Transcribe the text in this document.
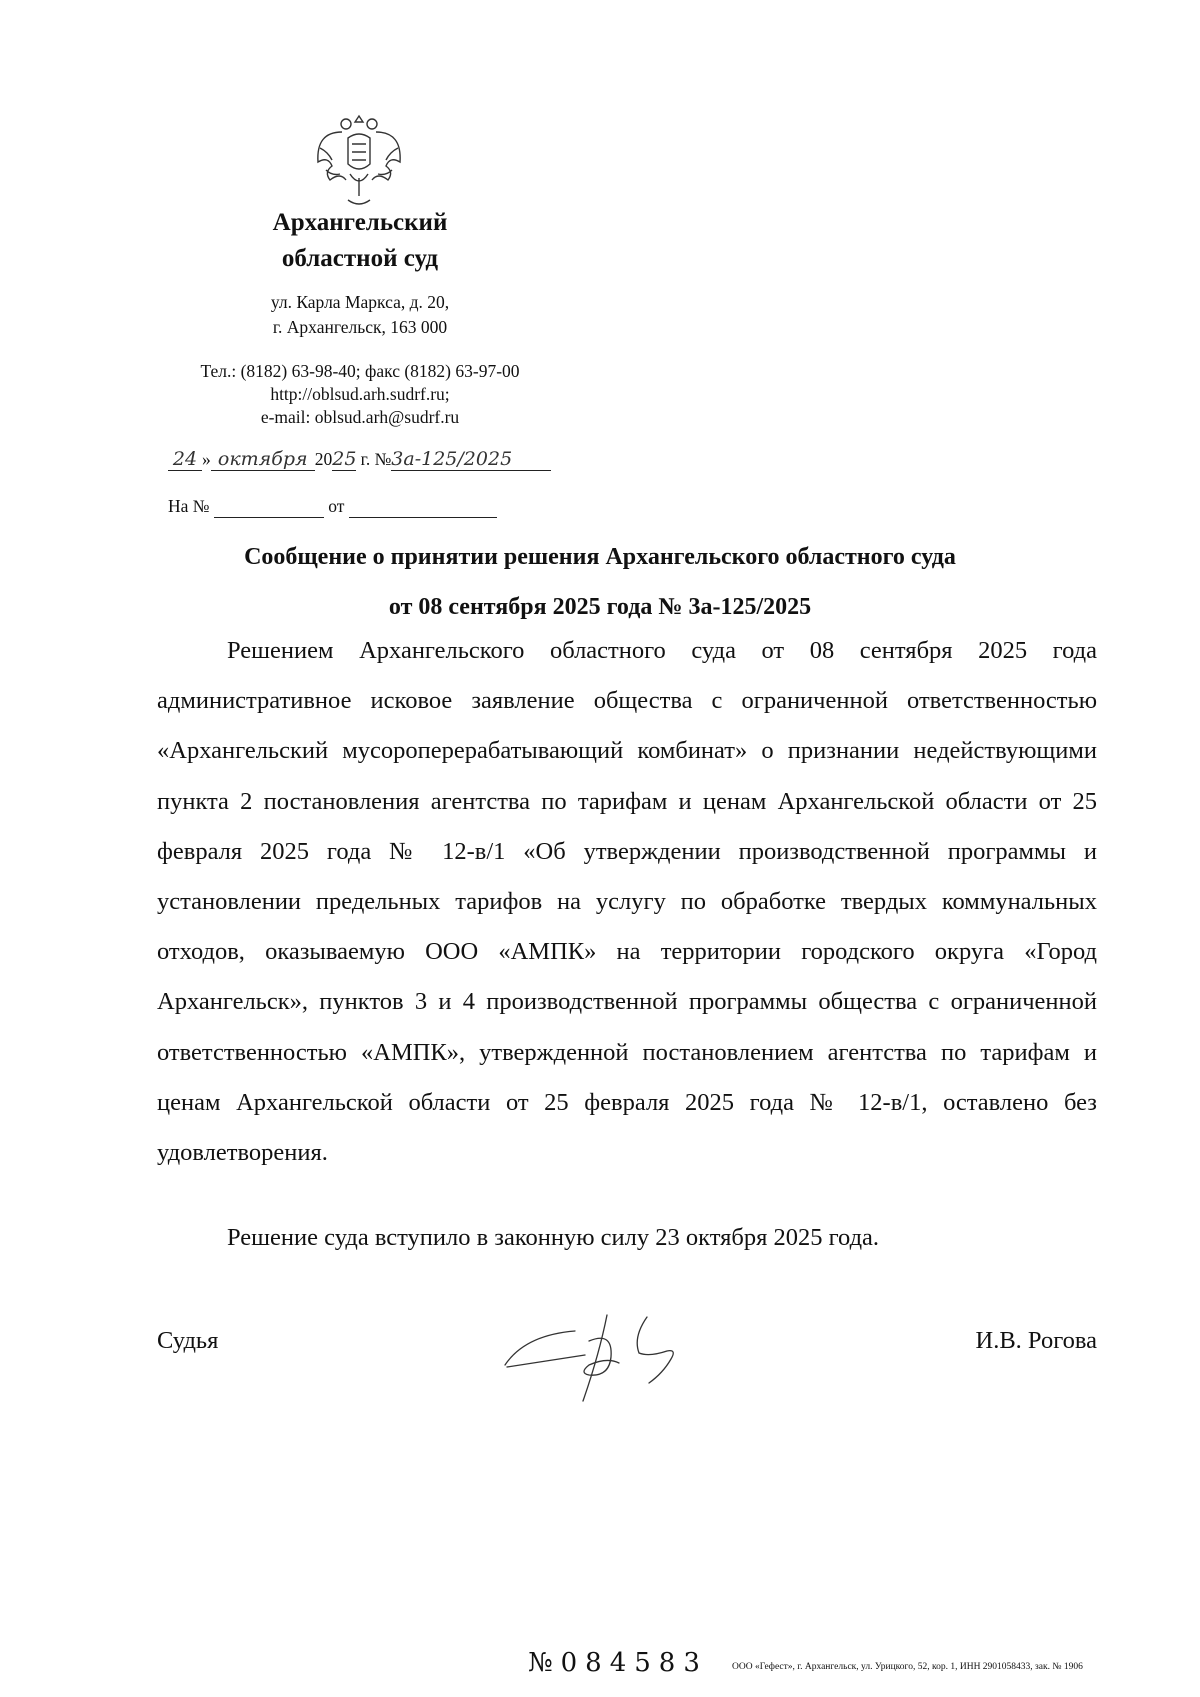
Архангельский
областной суд
ул. Карла Маркса, д. 20,
г. Архангельск, 163 000
Тел.: (8182) 63-98-40; факс (8182) 63-97-00
http://oblsud.arh.sudrf.ru;
e-mail: oblsud.arh@sudrf.ru
24 » октября 2025 г. №3а-125/2025
На №	от
Сообщение о принятии решения Архангельского областного суда
от 08 сентября 2025 года № 3а-125/2025
Решением Архангельского областного суда от 08 сентября 2025 года административное исковое заявление общества с ограниченной ответственностью «Архангельский мусороперерабатывающий комбинат» о признании недействующими пункта 2 постановления агентства по тарифам и ценам Архангельской области от 25 февраля 2025 года № 12-в/1 «Об утверждении производственной программы и установлении предельных тарифов на услугу по обработке твердых коммунальных отходов, оказываемую ООО «АМПК» на территории городского округа «Город Архангельск», пунктов 3 и 4 производственной программы общества с ограниченной ответственностью «АМПК», утвержденной постановлением агентства по тарифам и ценам Архангельской области от 25 февраля 2025 года № 12-в/1, оставлено без удовлетворения.
Решение суда вступило в законную силу 23 октября 2025 года.
Судья	И.В. Рогова
№084583	ООО «Гефест», г. Архангельск, ул. Урицкого, 52, кор. 1, ИНН 2901058433, зак. № 1906
